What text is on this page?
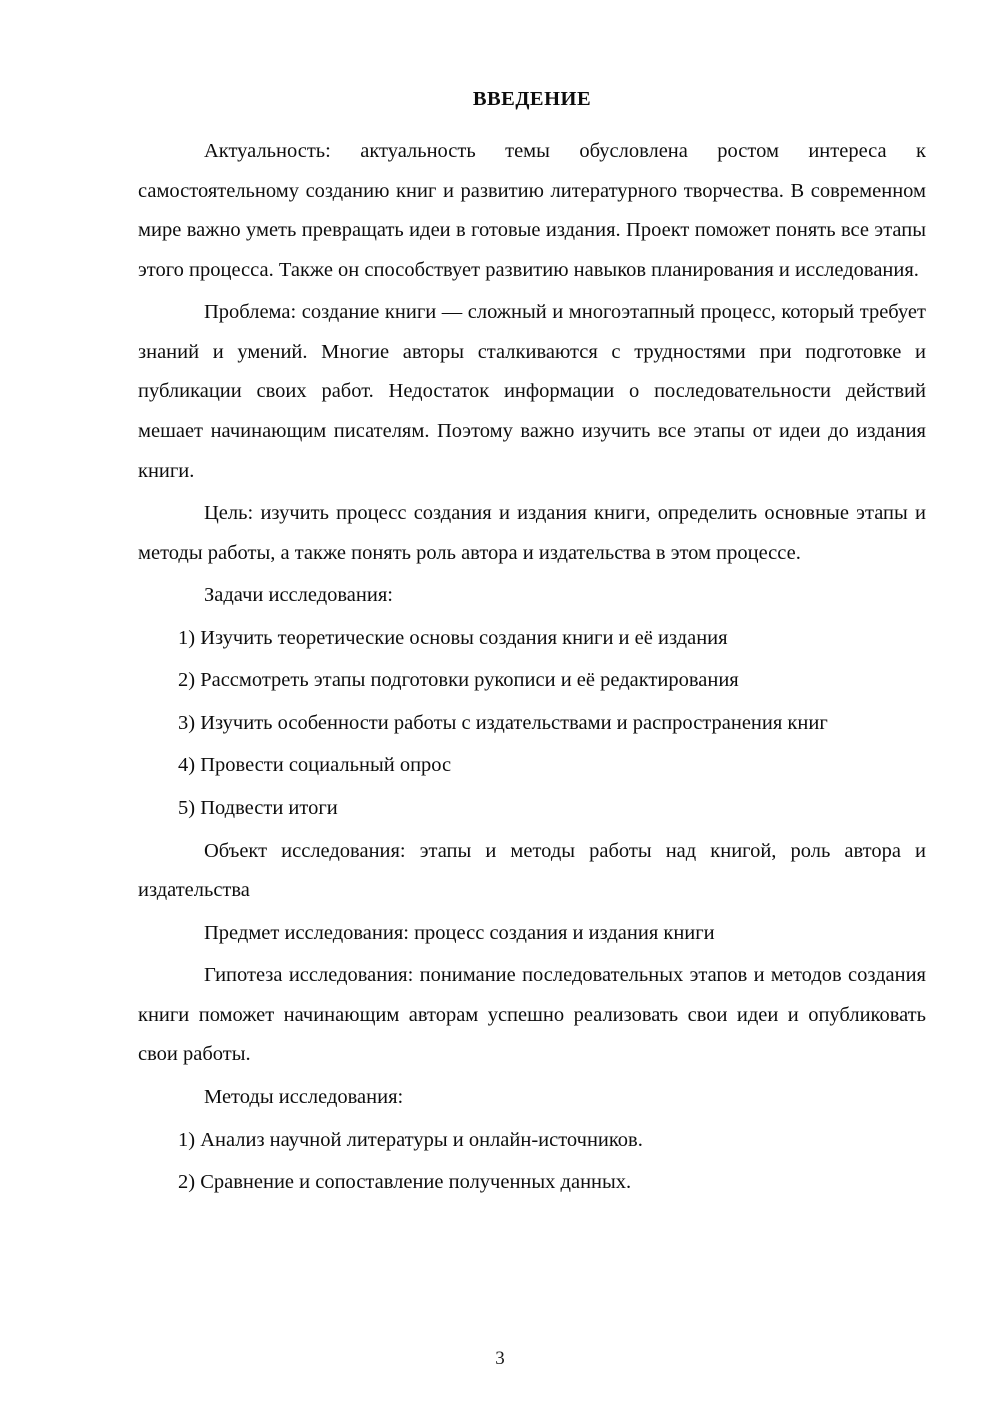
ВВЕДЕНИЕ

Актуальность: актуальность темы обусловлена ростом интереса к самостоятельному созданию книг и развитию литературного творчества. В современном мире важно уметь превращать идеи в готовые издания. Проект поможет понять все этапы этого процесса. Также он способствует развитию навыков планирования и исследования.

Проблема: создание книги — сложный и многоэтапный процесс, который требует знаний и умений. Многие авторы сталкиваются с трудностями при подготовке и публикации своих работ. Недостаток информации о последовательности действий мешает начинающим писателям. Поэтому важно изучить все этапы от идеи до издания книги.

Цель: изучить процесс создания и издания книги, определить основные этапы и методы работы, а также понять роль автора и издательства в этом процессе.

Задачи исследования:

1) Изучить теоретические основы создания книги и её издания

2) Рассмотреть этапы подготовки рукописи и её редактирования

3) Изучить особенности работы с издательствами и распространения книг

4) Провести социальный опрос

5) Подвести итоги

Объект исследования: этапы и методы работы над книгой, роль автора и издательства

Предмет исследования: процесс создания и издания книги

Гипотеза исследования: понимание последовательных этапов и методов создания книги поможет начинающим авторам успешно реализовать свои идеи и опубликовать свои работы.

Методы исследования:

1) Анализ научной литературы и онлайн-источников.

2) Сравнение и сопоставление полученных данных.

3
